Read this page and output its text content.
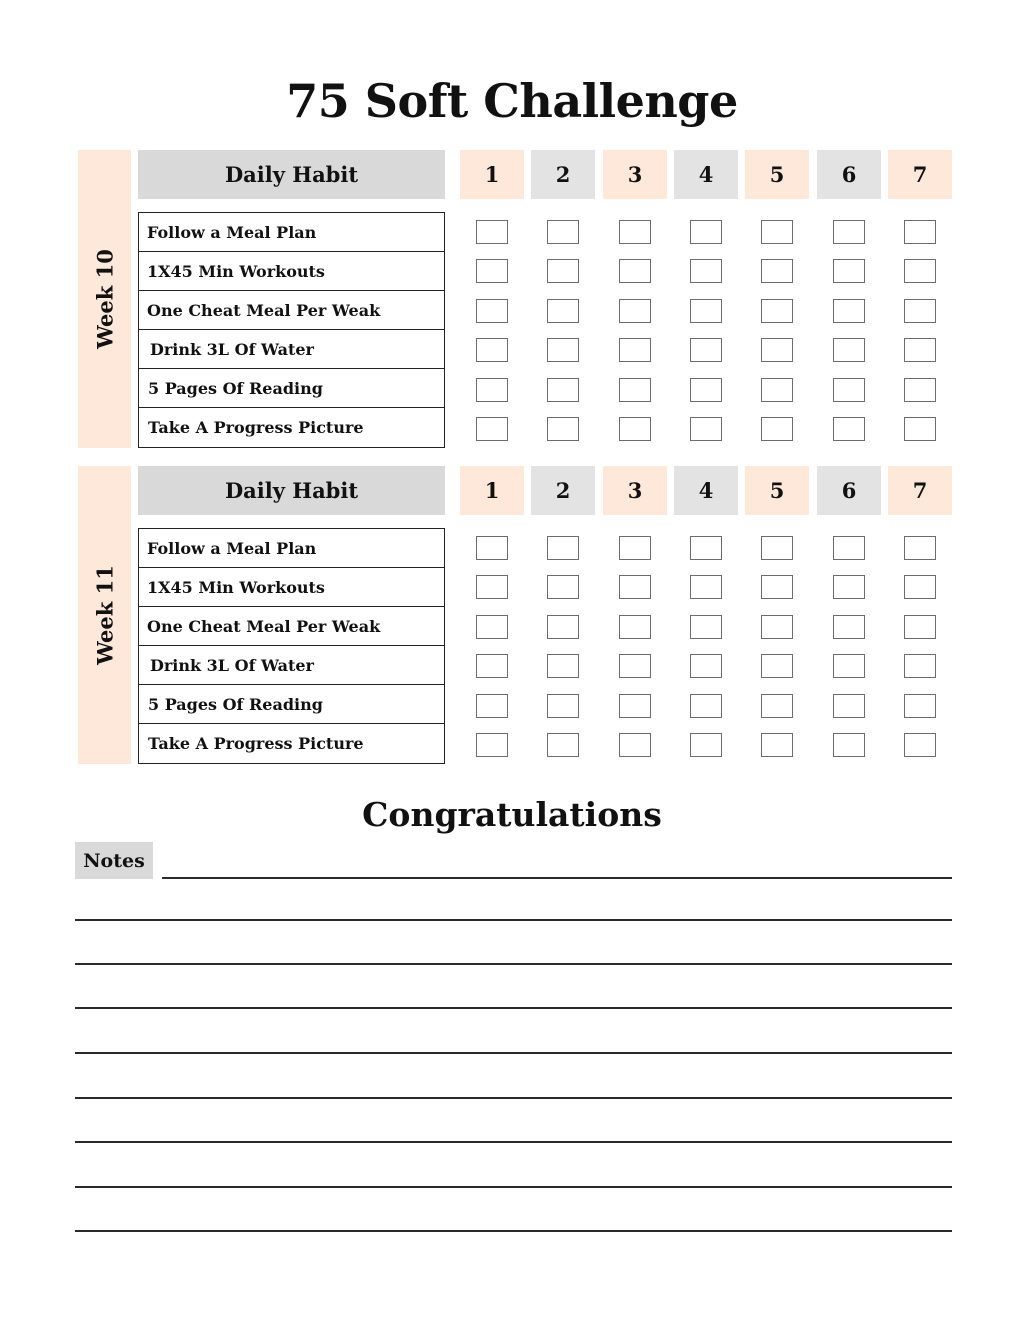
75 Soft Challenge
Week 10
Daily Habit	1	2	3	4	5	6	7
Follow a Meal Plan
1X45 Min Workouts
One Cheat Meal Per Weak
Drink 3L Of Water
5 Pages Of Reading
Take A Progress Picture
Week 11
Daily Habit	1	2	3	4	5	6	7
Follow a Meal Plan
1X45 Min Workouts
One Cheat Meal Per Weak
Drink 3L Of Water
5 Pages Of Reading
Take A Progress Picture
Congratulations
Notes
